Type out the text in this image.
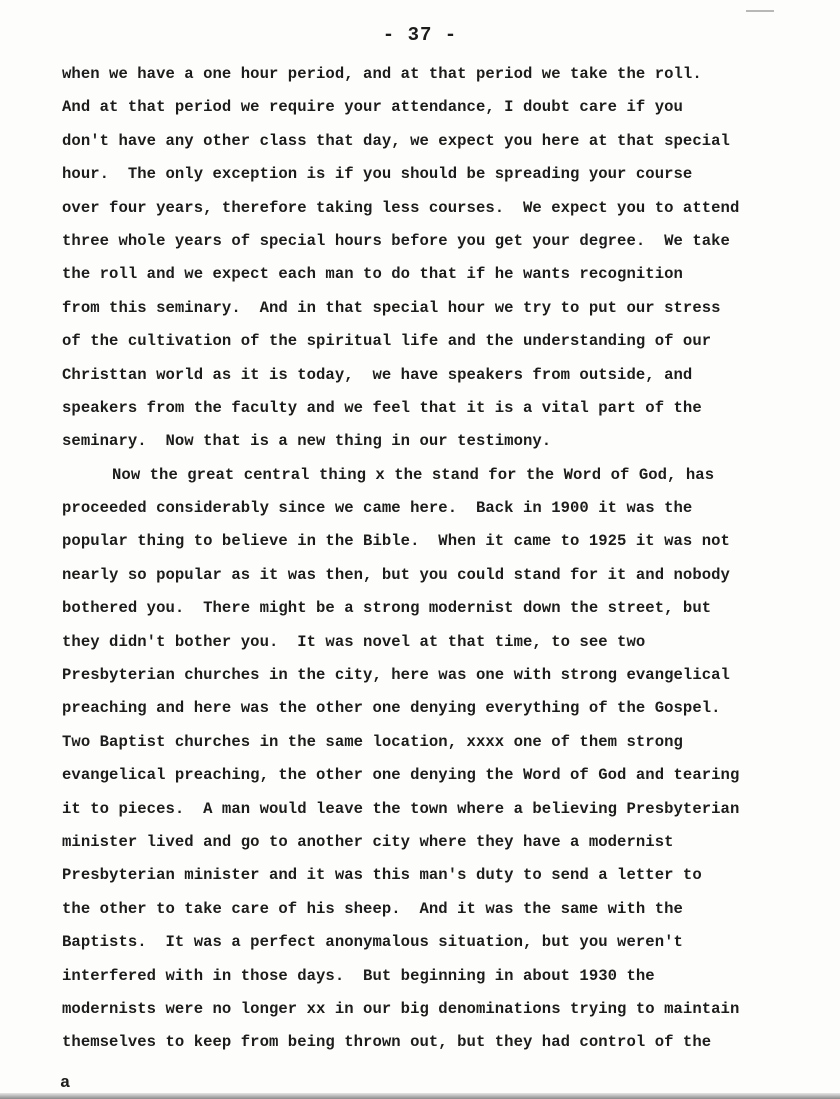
- 37 -
when we have a one hour period, and at that period we take the roll.
And at that period we require your attendance, I doubt care if you
don't have any other class that day, we expect you here at that special
hour.  The only exception is if you should be spreading your course
over four years, therefore taking less courses.  We expect you to attend
three whole years of special hours before you get your degree.  We take
the roll and we expect each man to do that if he wants recognition
from this seminary.  And in that special hour we try to put our stress
of the cultivation of the spiritual life and the understanding of our
Christtan world as it is today,  we have speakers from outside, and
speakers from the faculty and we feel that it is a vital part of the
seminary.  Now that is a new thing in our testimony.
Now the great central thing x the stand for the Word of God, has
proceeded considerably since we came here.  Back in 1900 it was the
popular thing to believe in the Bible.  When it came to 1925 it was not
nearly so popular as it was then, but you could stand for it and nobody
bothered you.  There might be a strong modernist down the street, but
they didn't bother you.  It was novel at that time, to see two
Presbyterian churches in the city, here was one with strong evangelical
preaching and here was the other one denying everything of the Gospel.
Two Baptist churches in the same location, xxxx one of them strong
evangelical preaching, the other one denying the Word of God and tearing
it to pieces.  A man would leave the town where a believing Presbyterian
minister lived and go to another city where they have a modernist
Presbyterian minister and it was this man's duty to send a letter to
the other to take care of his sheep.  And it was the same with the
Baptists.  It was a perfect anonymalous situation, but you weren't
interfered with in those days.  But beginning in about 1930 the
modernists were no longer xx in our big denominations trying to maintain
themselves to keep from being thrown out, but they had control of the
a
